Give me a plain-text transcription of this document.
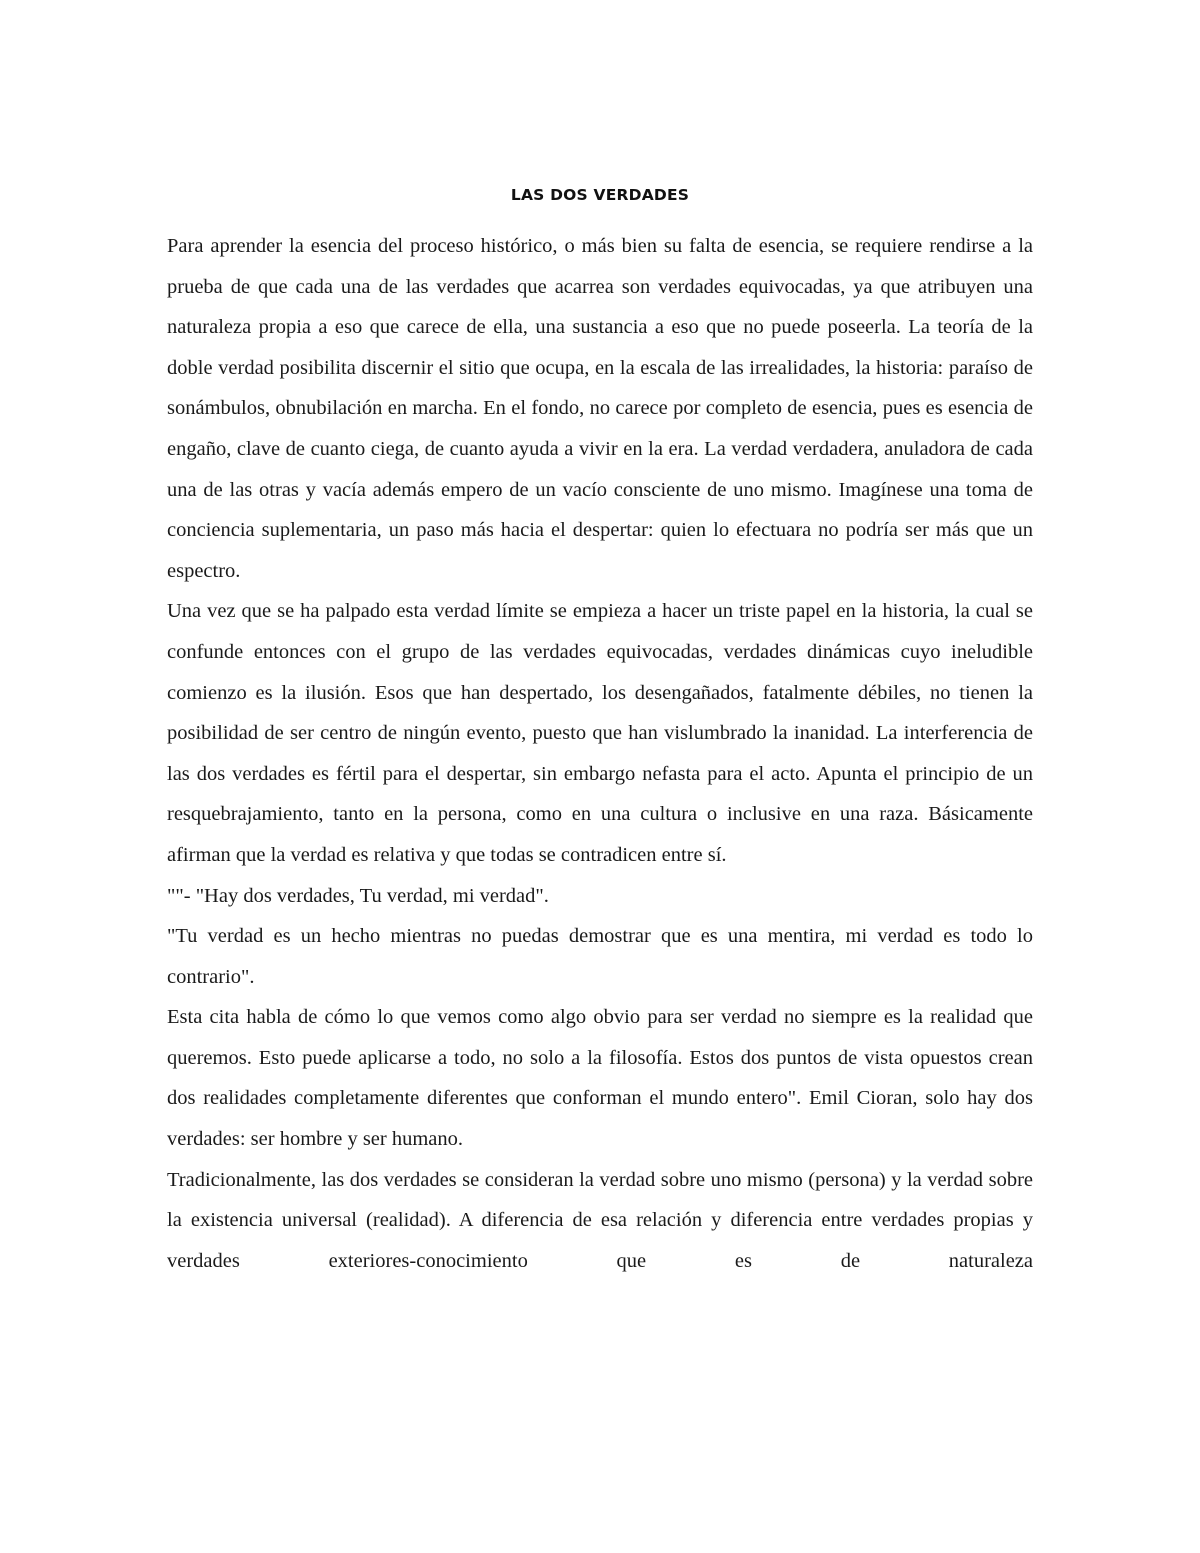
LAS DOS VERDADES

Para aprender la esencia del proceso histórico, o más bien su falta de esencia, se requiere rendirse a la prueba de que cada una de las verdades que acarrea son verdades equivocadas, ya que atribuyen una naturaleza propia a eso que carece de ella, una sustancia a eso que no puede poseerla. La teoría de la doble verdad posibilita discernir el sitio que ocupa, en la escala de las irrealidades, la historia: paraíso de sonámbulos, obnubilación en marcha. En el fondo, no carece por completo de esencia, pues es esencia de engaño, clave de cuanto ciega, de cuanto ayuda a vivir en la era. La verdad verdadera, anuladora de cada una de las otras y vacía además empero de un vacío consciente de uno mismo. Imagínese una toma de conciencia suplementaria, un paso más hacia el despertar: quien lo efectuara no podría ser más que un espectro.

Una vez que se ha palpado esta verdad límite se empieza a hacer un triste papel en la historia, la cual se confunde entonces con el grupo de las verdades equivocadas, verdades dinámicas cuyo ineludible comienzo es la ilusión. Esos que han despertado, los desengañados, fatalmente débiles, no tienen la posibilidad de ser centro de ningún evento, puesto que han vislumbrado la inanidad. La interferencia de las dos verdades es fértil para el despertar, sin embargo nefasta para el acto. Apunta el principio de un resquebrajamiento, tanto en la persona, como en una cultura o inclusive en una raza. Básicamente afirman que la verdad es relativa y que todas se contradicen entre sí.

""- "Hay dos verdades, Tu verdad, mi verdad".

"Tu verdad es un hecho mientras no puedas demostrar que es una mentira, mi verdad es todo lo contrario".

Esta cita habla de cómo lo que vemos como algo obvio para ser verdad no siempre es la realidad que queremos. Esto puede aplicarse a todo, no solo a la filosofía. Estos dos puntos de vista opuestos crean dos realidades completamente diferentes que conforman el mundo entero". Emil Cioran, solo hay dos verdades: ser hombre y ser humano.

Tradicionalmente, las dos verdades se consideran la verdad sobre uno mismo (persona) y la verdad sobre la existencia universal (realidad). A diferencia de esa relación y diferencia entre verdades propias y verdades exteriores-conocimiento que es de naturaleza
